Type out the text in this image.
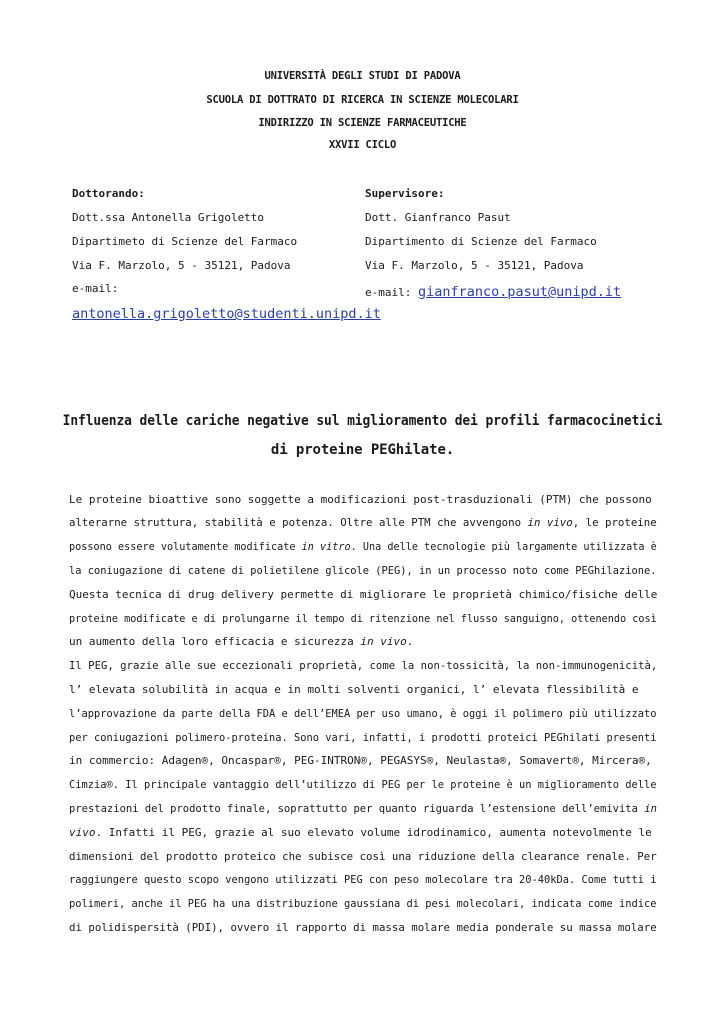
UNIVERSITÀ DEGLI STUDI DI PADOVA
SCUOLA DI DOTTRATO DI RICERCA IN SCIENZE MOLECOLARI
INDIRIZZO IN SCIENZE FARMACEUTICHE
XXVII CICLO
Dottorando:
Dott.ssa Antonella Grigoletto
Dipartimeto di Scienze del Farmaco
Via F. Marzolo, 5 - 35121, Padova
e-mail:
antonella.grigoletto@studenti.unipd.it
Supervisore:
Dott. Gianfranco Pasut
Dipartimento di Scienze del Farmaco
Via F. Marzolo, 5 - 35121, Padova
e-mail: gianfranco.pasut@unipd.it
Influenza delle cariche negative sul miglioramento dei profili farmacocinetici
di proteine PEGhilate.
Le proteine bioattive sono soggette a modificazioni post-trasduzionali (PTM) che possono
alterarne struttura, stabilità e potenza. Oltre alle PTM che avvengono in vivo, le proteine
possono essere volutamente modificate in vitro. Una delle tecnologie più largamente utilizzata è
la coniugazione di catene di polietilene glicole (PEG), in un processo noto come PEGhilazione.
Questa tecnica di drug delivery permette di migliorare le proprietà chimico/fisiche delle
proteine modificate e di prolungarne il tempo di ritenzione nel flusso sanguigno, ottenendo così
un aumento della loro efficacia e sicurezza in vivo.
Il PEG, grazie alle sue eccezionali proprietà, come la non-tossicità, la non-immunogenicità,
l’ elevata solubilità in acqua e in molti solventi organici, l’ elevata flessibilità e
l’approvazione da parte della FDA e dell’EMEA per uso umano, è oggi il polimero più utilizzato
per coniugazioni polimero-proteina. Sono vari, infatti, i prodotti proteici PEGhilati presenti
in commercio: Adagen®, Oncaspar®, PEG-INTRON®, PEGASYS®, Neulasta®, Somavert®, Mircera®,
Cimzia®. Il principale vantaggio dell’utilizzo di PEG per le proteine è un miglioramento delle
prestazioni del prodotto finale, soprattutto per quanto riguarda l’estensione dell’emivita in
vivo. Infatti il PEG, grazie al suo elevato volume idrodinamico, aumenta notevolmente le
dimensioni del prodotto proteico che subisce così una riduzione della clearance renale. Per
raggiungere questo scopo vengono utilizzati PEG con peso molecolare tra 20-40kDa. Come tutti i
polimeri, anche il PEG ha una distribuzione gaussiana di pesi molecolari, indicata come indice
di polidispersità (PDI), ovvero il rapporto di massa molare media ponderale su massa molare
